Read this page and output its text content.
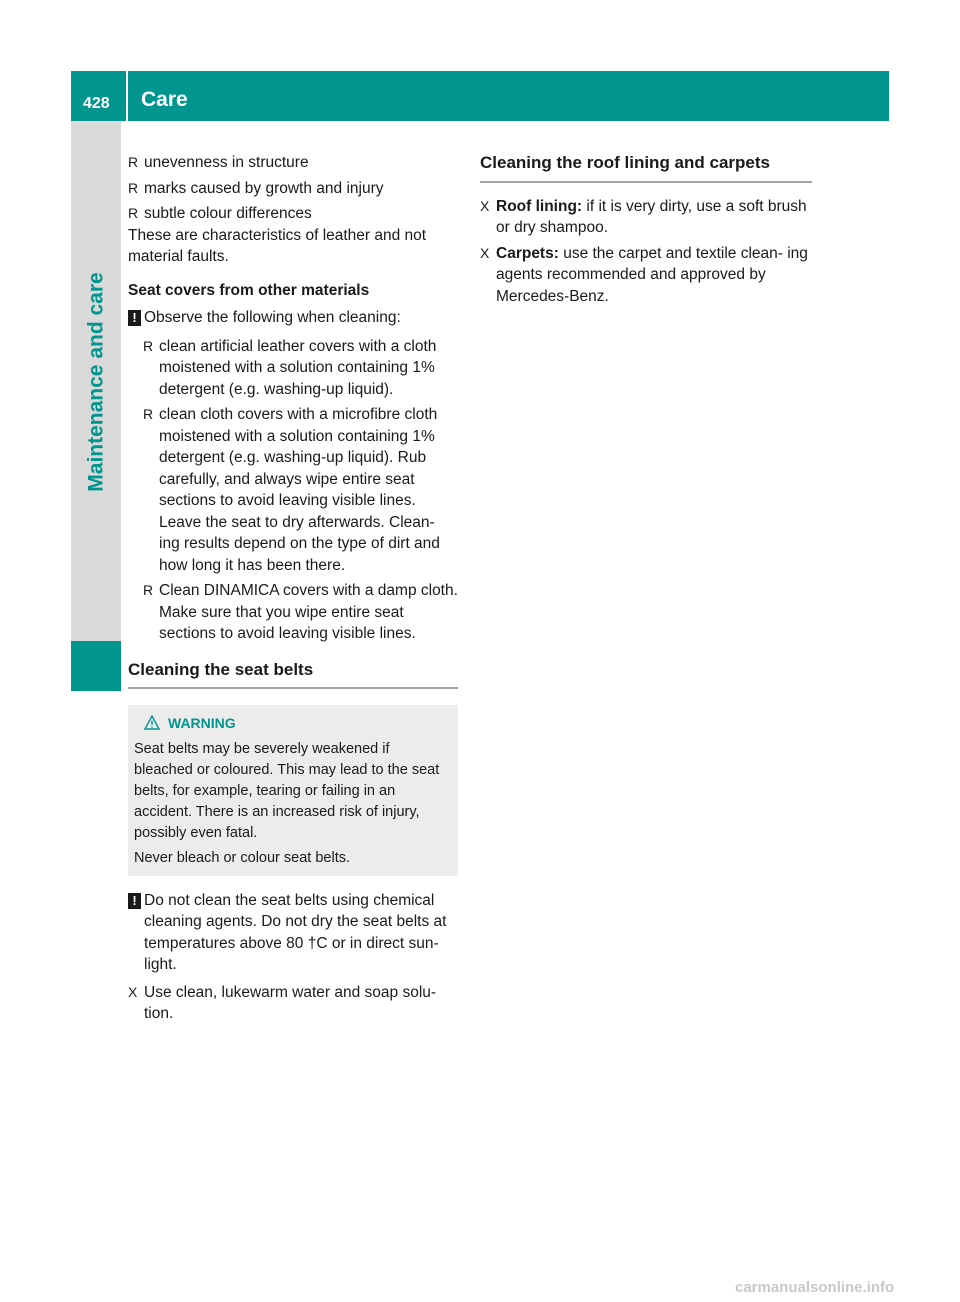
428 Care
Maintenance and care
R unevenness in structure
R marks caused by growth and injury
R subtle colour differences

These are characteristics of leather and not material faults.

Seat covers from other materials

! Observe the following when cleaning:
R clean artificial leather covers with a cloth moistened with a solution containing 1% detergent (e.g. washing-up liquid).
R clean cloth covers with a microfibre cloth moistened with a solution containing 1% detergent (e.g. washing-up liquid). Rub carefully, and always wipe entire seat sections to avoid leaving visible lines. Leave the seat to dry afterwards. Clean- ing results depend on the type of dirt and how long it has been there.
R Clean DINAMICA covers with a damp cloth. Make sure that you wipe entire seat sections to avoid leaving visible lines.

Cleaning the seat belts

WARNING

Seat belts may be severely weakened if bleached or coloured. This may lead to the seat belts, for example, tearing or failing in an accident. There is an increased risk of injury, possibly even fatal.

Never bleach or colour seat belts.

! Do not clean the seat belts using chemical cleaning agents. Do not dry the seat belts at temperatures above 80 †C or in direct sun- light.
X Use clean, lukewarm water and soap solu- tion.

Cleaning the roof lining and carpets

X Roof lining: if it is very dirty, use a soft brush or dry shampoo.
X Carpets: use the carpet and textile clean- ing agents recommended and approved by Mercedes-Benz.
carmanualsonline.info
